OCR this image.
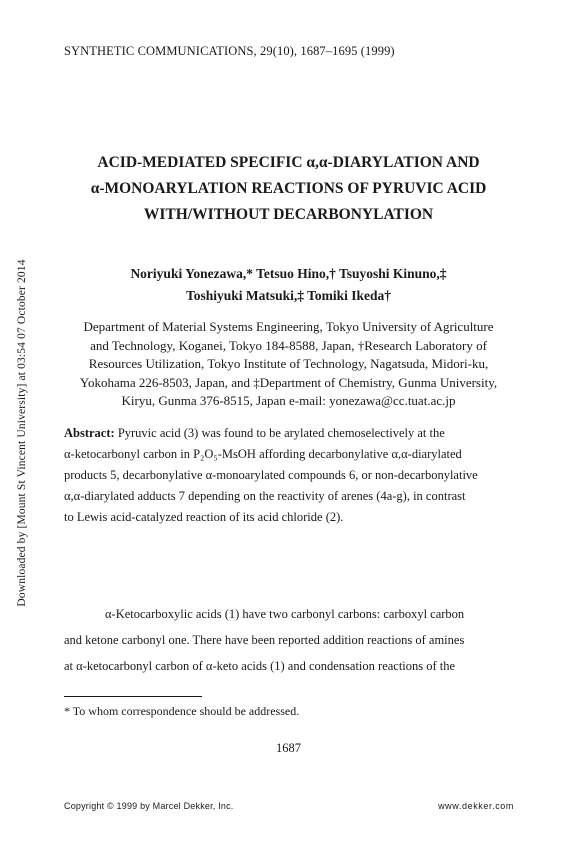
SYNTHETIC COMMUNICATIONS, 29(10), 1687–1695 (1999)
ACID-MEDIATED SPECIFIC α,α-DIARYLATION AND
α-MONOARYLATION REACTIONS OF PYRUVIC ACID
WITH/WITHOUT DECARBONYLATION
Noriyuki Yonezawa,* Tetsuo Hino,† Tsuyoshi Kinuno,‡
Toshiyuki Matsuki,‡ Tomiki Ikeda†
Department of Material Systems Engineering, Tokyo University of Agriculture
and Technology, Koganei, Tokyo 184-8588, Japan, †Research Laboratory of
Resources Utilization, Tokyo Institute of Technology, Nagatsuda, Midori-ku,
Yokohama 226-8503, Japan, and ‡Department of Chemistry, Gunma University,
Kiryu, Gunma 376-8515, Japan e-mail: yonezawa@cc.tuat.ac.jp
Abstract: Pyruvic acid (3) was found to be arylated chemoselectively at the
α-ketocarbonyl carbon in P₂O₅-MsOH affording decarbonylative α,α-diarylated
products 5, decarbonylative α-monoarylated compounds 6, or non-decarbonylative
α,α-diarylated adducts 7 depending on the reactivity of arenes (4a-g), in contrast
to Lewis acid-catalyzed reaction of its acid chloride (2).
α-Ketocarboxylic acids (1) have two carbonyl carbons: carboxyl carbon
and ketone carbonyl one. There have been reported addition reactions of amines
at α-ketocarbonyl carbon of α-keto acids (1) and condensation reactions of the
* To whom correspondence should be addressed.
1687
Copyright © 1999 by Marcel Dekker, Inc.	www.dekker.com
Downloaded by [Mount St Vincent University] at 03:54 07 October 2014
